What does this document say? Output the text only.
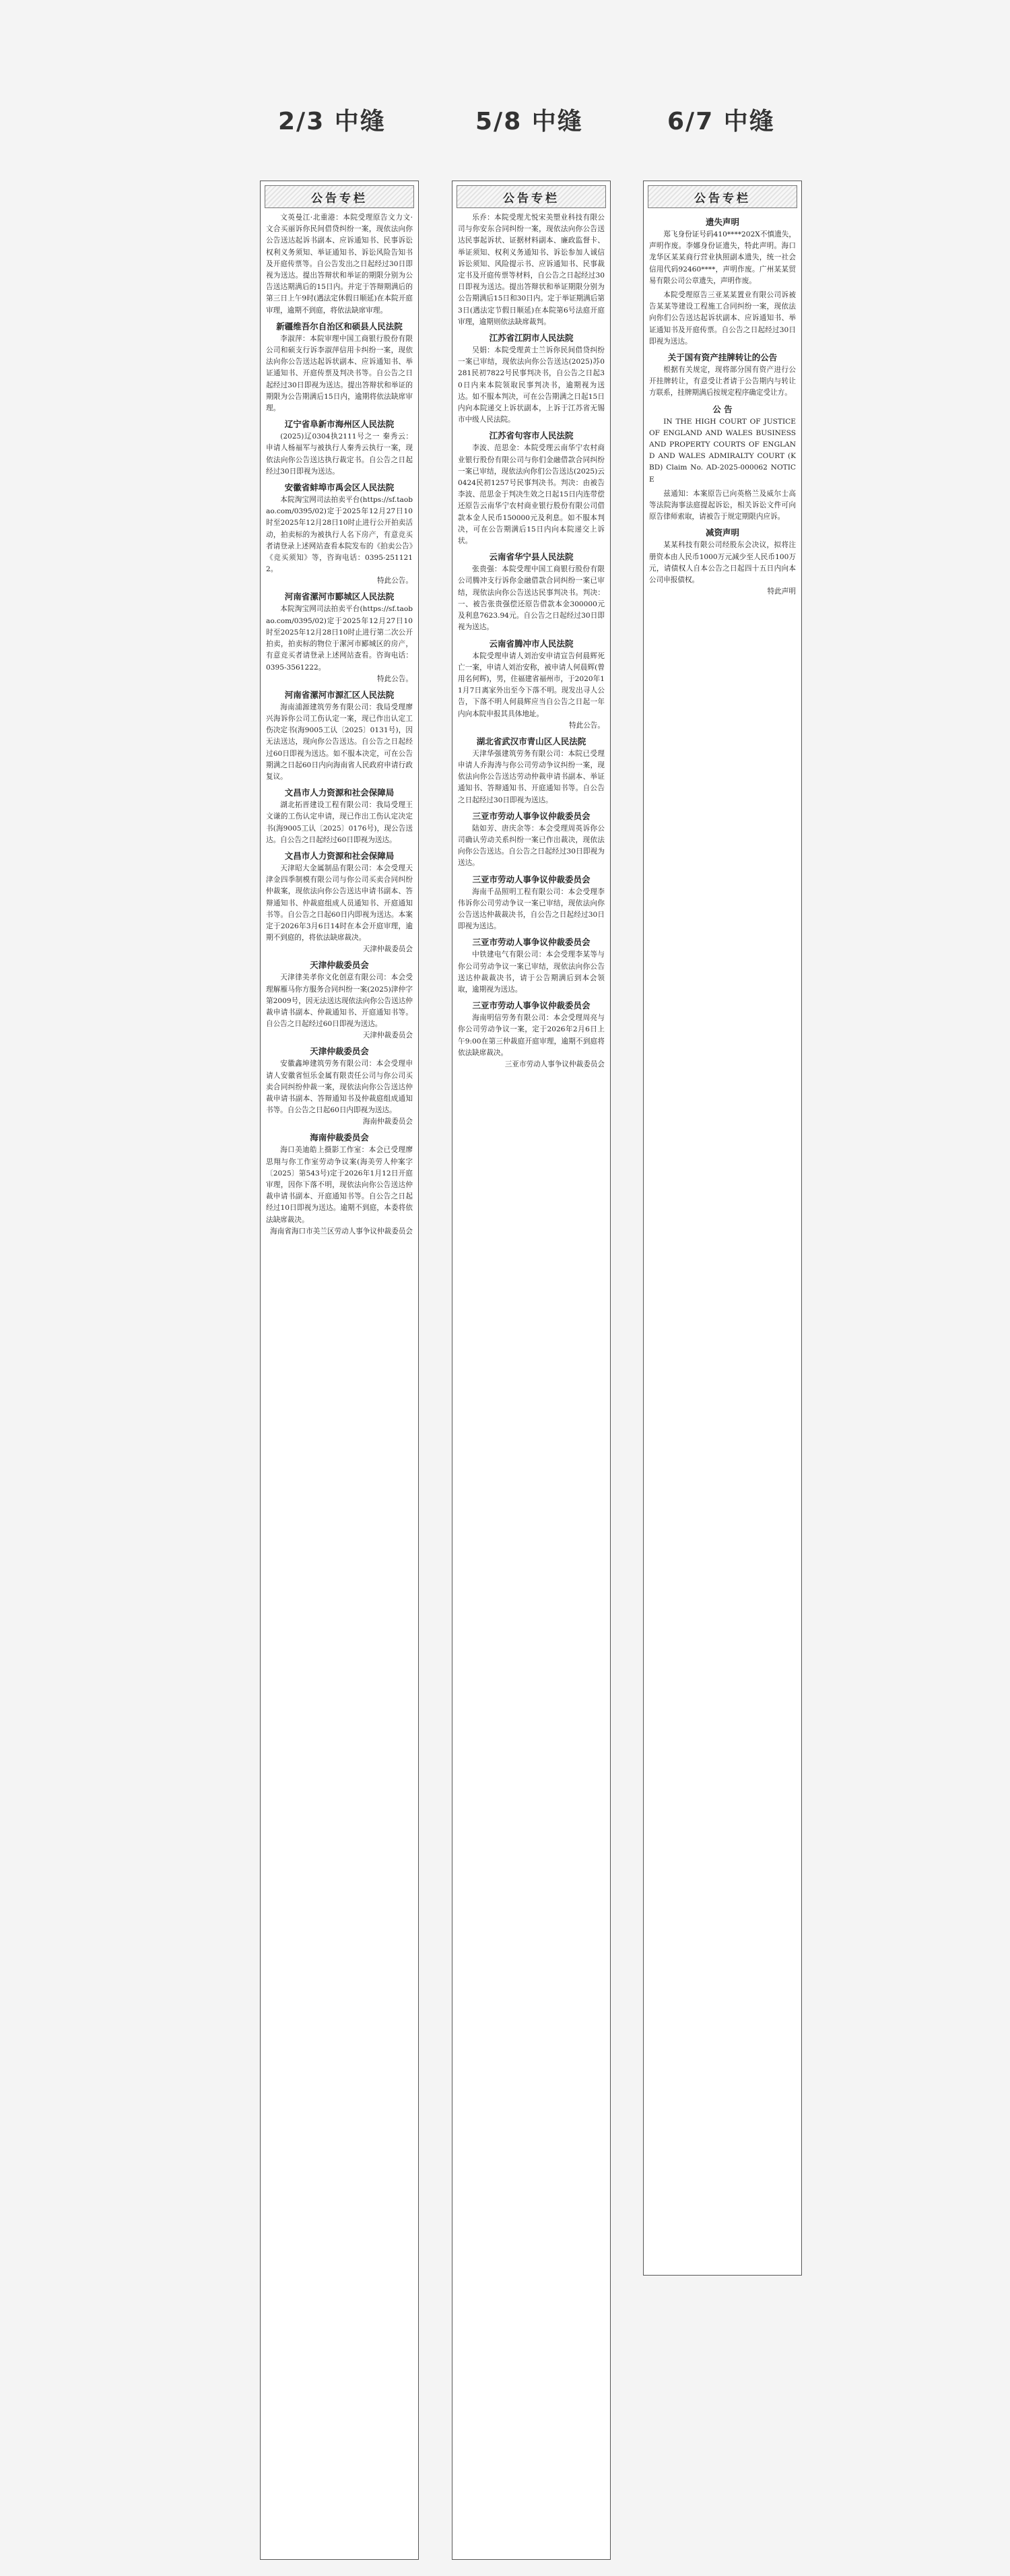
2/3 中缝	5/8 中缝	6/7 中缝
公告专栏

文英曼江·北重港：本院受理原告文力文·文合买丽诉你民间借贷纠纷一案，现依法向你公告送达起诉书副本、应诉通知书、民事诉讼权利义务须知、举证通知书、诉讼风险告知书及开庭传票等。自公告发出之日起经过30日即视为送达。提出答辩状和举证的期限分别为公告送达期满后的15日内。并定于答辩期满后的第三日上午9时(遇法定休假日顺延)在本院开庭审理，逾期不到庭，将依法缺席审理。

新疆维吾尔自治区和硕县人民法院

李淑萍：本院审理中国工商银行股份有限公司和硕支行诉李淑萍信用卡纠纷一案，现依法向你公告送达起诉状副本、应诉通知书、举证通知书、开庭传票及判决书等。自公告之日起经过30日即视为送达。提出答辩状和举证的期限为公告期满后15日内，逾期将依法缺席审理。

辽宁省阜新市海州区人民法院

(2025)辽0304执2111号之一 秦秀云：申请人杨福军与被执行人秦秀云执行一案，现依法向你公告送达执行裁定书。自公告之日起经过30日即视为送达。

安徽省蚌埠市禹会区人民法院

本院淘宝网司法拍卖平台(https://sf.taobao.com/0395/02)定于2025年12月27日10时至2025年12月28日10时止进行公开拍卖活动，拍卖标的为被执行人名下房产，有意竞买者请登录上述网站查看本院发布的《拍卖公告》《竞买须知》等，咨询电话：0395-2511212。

特此公告。

河南省漯河市郾城区人民法院

本院淘宝网司法拍卖平台(https://sf.taobao.com/0395/02)定于2025年12月27日10时至2025年12月28日10时止进行第二次公开拍卖，拍卖标的物位于漯河市郾城区的房产，有意竞买者请登录上述网站查看。咨询电话：0395-3561222。

特此公告。

河南省漯河市源汇区人民法院

海南浦源建筑劳务有限公司：我局受理廖兴海诉你公司工伤认定一案，现已作出认定工伤决定书(海9005工认〔2025〕0131号)，因无法送达，现向你公告送达。自公告之日起经过60日即视为送达。如不服本决定，可在公告期满之日起60日内向海南省人民政府申请行政复议。

文昌市人力资源和社会保障局

湖北拓晋建设工程有限公司：我局受理王文谦的工伤认定申请，现已作出工伤认定决定书(海9005工认〔2025〕0176号)，现公告送达。自公告之日起经过60日即视为送达。

文昌市人力资源和社会保障局

天津昭大金属制品有限公司：本会受理天津金四季制模有限公司与你公司买卖合同纠纷仲裁案，现依法向你公告送达申请书副本、答辩通知书、仲裁庭组成人员通知书、开庭通知书等。自公告之日起60日内即视为送达。本案定于2026年3月6日14时在本会开庭审理，逾期不到庭的，将依法缺席裁决。

天津仲裁委员会

天津仲裁委员会

天津律美孝你文化创意有限公司：本会受理解雁马你方服务合同纠纷一案(2025)津仲字第2009号，因无法送达现依法向你公告送达仲裁申请书副本、仲裁通知书、开庭通知书等。自公告之日起经过60日即视为送达。

天津仲裁委员会

天津仲裁委员会

安徽鑫坤建筑劳务有限公司：本会受理申请人安徽省恒乐金属有限责任公司与你公司买卖合同纠纷仲裁一案，现依法向你公告送达仲裁申请书副本、答辩通知书及仲裁庭组成通知书等。自公告之日起60日内即视为送达。

海南仲裁委员会

海南仲裁委员会

海口美迪皓上摄影工作室：本会已受理廖思翔与你工作室劳动争议案(海美劳人仲案字〔2025〕第543号)定于2026年1月12日开庭审理，因你下落不明，现依法向你公告送达仲裁申请书副本、开庭通知书等。自公告之日起经过10日即视为送达。逾期不到庭，本委将依法缺席裁决。

海南省海口市美兰区劳动人事争议仲裁委员会

公告专栏

乐乔：本院受理尤悦宋美塑业科技有限公司与你安东合同纠纷一案，现依法向你公告送达民事起诉状、证据材料副本、廉政监督卡、举证须知、权利义务通知书、诉讼参加人诚信诉讼须知、风险提示书、应诉通知书、民事裁定书及开庭传票等材料，自公告之日起经过30日即视为送达。提出答辩状和举证期限分别为公告期满后15日和30日内。定于举证期满后第3日(遇法定节假日顺延)在本院第6号法庭开庭审理，逾期则依法缺席裁判。

江苏省江阴市人民法院

吴娟：本院受理黄士兰诉你民间借贷纠纷一案已审结，现依法向你公告送达(2025)苏0281民初7822号民事判决书，自公告之日起30日内来本院领取民事判决书，逾期视为送达。如不服本判决，可在公告期满之日起15日内向本院递交上诉状副本，上诉于江苏省无锡市中级人民法院。

江苏省句容市人民法院

李波、范思金：本院受理云南华宁农村商业银行股份有限公司与你们金融借款合同纠纷一案已审结，现依法向你们公告送达(2025)云0424民初1257号民事判决书。判决：由被告李波、范思金于判决生效之日起15日内连带偿还原告云南华宁农村商业银行股份有限公司借款本金人民币150000元及利息。如不服本判决，可在公告期满后15日内向本院递交上诉状。

云南省华宁县人民法院

张贵强：本院受理中国工商银行股份有限公司腾冲支行诉你金融借款合同纠纷一案已审结，现依法向你公告送达民事判决书。判决：一、被告张贵强偿还原告借款本金300000元及利息7623.94元。自公告之日起经过30日即视为送达。

云南省腾冲市人民法院

本院受理申请人刘治安申请宣告何晨辉死亡一案，申请人刘治安称，被申请人何晨辉(曾用名何辉)，男，住福建省福州市，于2020年11月7日离家外出至今下落不明。现发出寻人公告，下落不明人何晨辉应当自公告之日起一年内向本院申报其具体地址。

特此公告。

湖北省武汉市青山区人民法院

天津华强建筑劳务有限公司：本院已受理申请人乔海涛与你公司劳动争议纠纷一案，现依法向你公告送达劳动仲裁申请书副本、举证通知书、答辩通知书、开庭通知书等。自公告之日起经过30日即视为送达。

三亚市劳动人事争议仲裁委员会

陆如芳、唐庆余等：本会受理周英诉你公司确认劳动关系纠纷一案已作出裁决，现依法向你公告送达。自公告之日起经过30日即视为送达。

三亚市劳动人事争议仲裁委员会

海南千品照明工程有限公司：本会受理李伟诉你公司劳动争议一案已审结，现依法向你公告送达仲裁裁决书，自公告之日起经过30日即视为送达。

三亚市劳动人事争议仲裁委员会

中铁建电气有限公司：本会受理李某等与你公司劳动争议一案已审结，现依法向你公告送达仲裁裁决书，请于公告期满后到本会领取，逾期视为送达。

三亚市劳动人事争议仲裁委员会

海南明信劳务有限公司：本会受理周亮与你公司劳动争议一案，定于2026年2月6日上午9:00在第三仲裁庭开庭审理，逾期不到庭将依法缺席裁决。

三亚市劳动人事争议仲裁委员会

公告专栏
遗失声明

郑飞身份证号码410****202X不慎遗失，声明作废。李娜身份证遗失，特此声明。海口龙华区某某商行营业执照副本遗失，统一社会信用代码92460****，声明作废。广州某某贸易有限公司公章遗失，声明作废。

本院受理原告三亚某某置业有限公司诉被告某某等建设工程施工合同纠纷一案，现依法向你们公告送达起诉状副本、应诉通知书、举证通知书及开庭传票。自公告之日起经过30日即视为送达。

关于国有资产挂牌转让的公告

根据有关规定，现将部分国有资产进行公开挂牌转让，有意受让者请于公告期内与转让方联系，挂牌期满后按规定程序确定受让方。

公 告

IN THE HIGH COURT OF JUSTICE OF ENGLAND AND WALES BUSINESS AND PROPERTY COURTS OF ENGLAND AND WALES ADMIRALTY COURT (KBD) Claim No. AD-2025-000062 NOTICE

兹通知：本案原告已向英格兰及威尔士高等法院海事法庭提起诉讼，相关诉讼文件可向原告律师索取，请被告于规定期限内应诉。

减资声明

某某科技有限公司经股东会决议，拟将注册资本由人民币1000万元减少至人民币100万元，请债权人自本公告之日起四十五日内向本公司申报债权。

特此声明
